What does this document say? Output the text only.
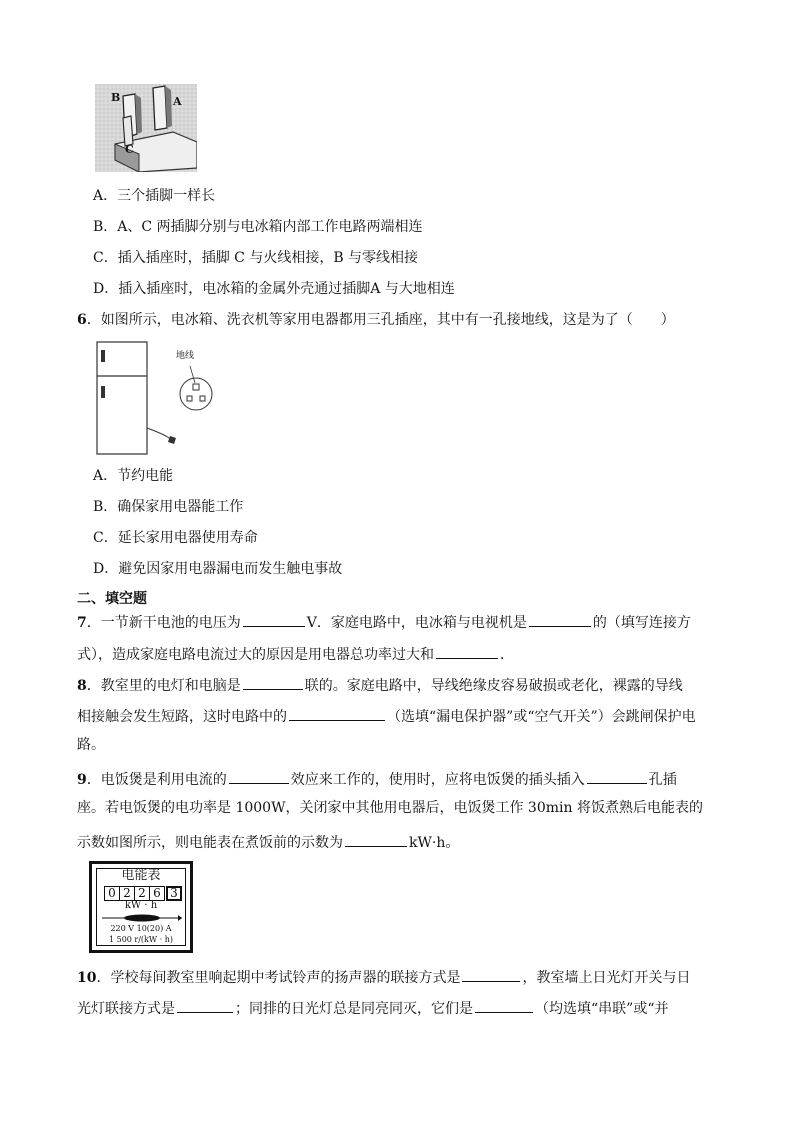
B	A
C
A．三个插脚一样长
B．A、C 两插脚分别与电冰箱内部工作电路两端相连
C．插入插座时，插脚 C 与火线相接，B 与零线相接
D．插入插座时，电冰箱的金属外壳通过插脚A 与大地相连
6．如图所示，电冰箱、洗衣机等家用电器都用三孔插座，其中有一孔接地线，这是为了（　　）
地线
A．节约电能
B．确保家用电器能工作
C．延长家用电器使用寿命
D．避免因家用电器漏电而发生触电事故
二、填空题
7．一节新干电池的电压为	V．家庭电路中，电冰箱与电视机是	的（填写连接方
式），造成家庭电路电流过大的原因是用电器总功率过大和	．
8．教室里的电灯和电脑是	联的。家庭电路中，导线绝缘皮容易破损或老化，裸露的导线
相接触会发生短路，这时电路中的	（选填“漏电保护器”或“空气开关”）会跳闸保护电
路。
9．电饭煲是利用电流的	效应来工作的，使用时，应将电饭煲的插头插入	孔插
座。若电饭煲的电功率是 1000W，关闭家中其他用电器后，电饭煲工作 30min 将饭煮熟后电能表的
示数如图所示，则电能表在煮饭前的示数为	kW·h。
电能表
0 2 2 6 3
kW · h
220 V 10(20) A
1 500 r/(kW · h)
10．学校每间教室里响起期中考试铃声的扬声器的联接方式是	，教室墙上日光灯开关与日
光灯联接方式是	；同排的日光灯总是同亮同灭，它们是	（均选填“串联”或“并
